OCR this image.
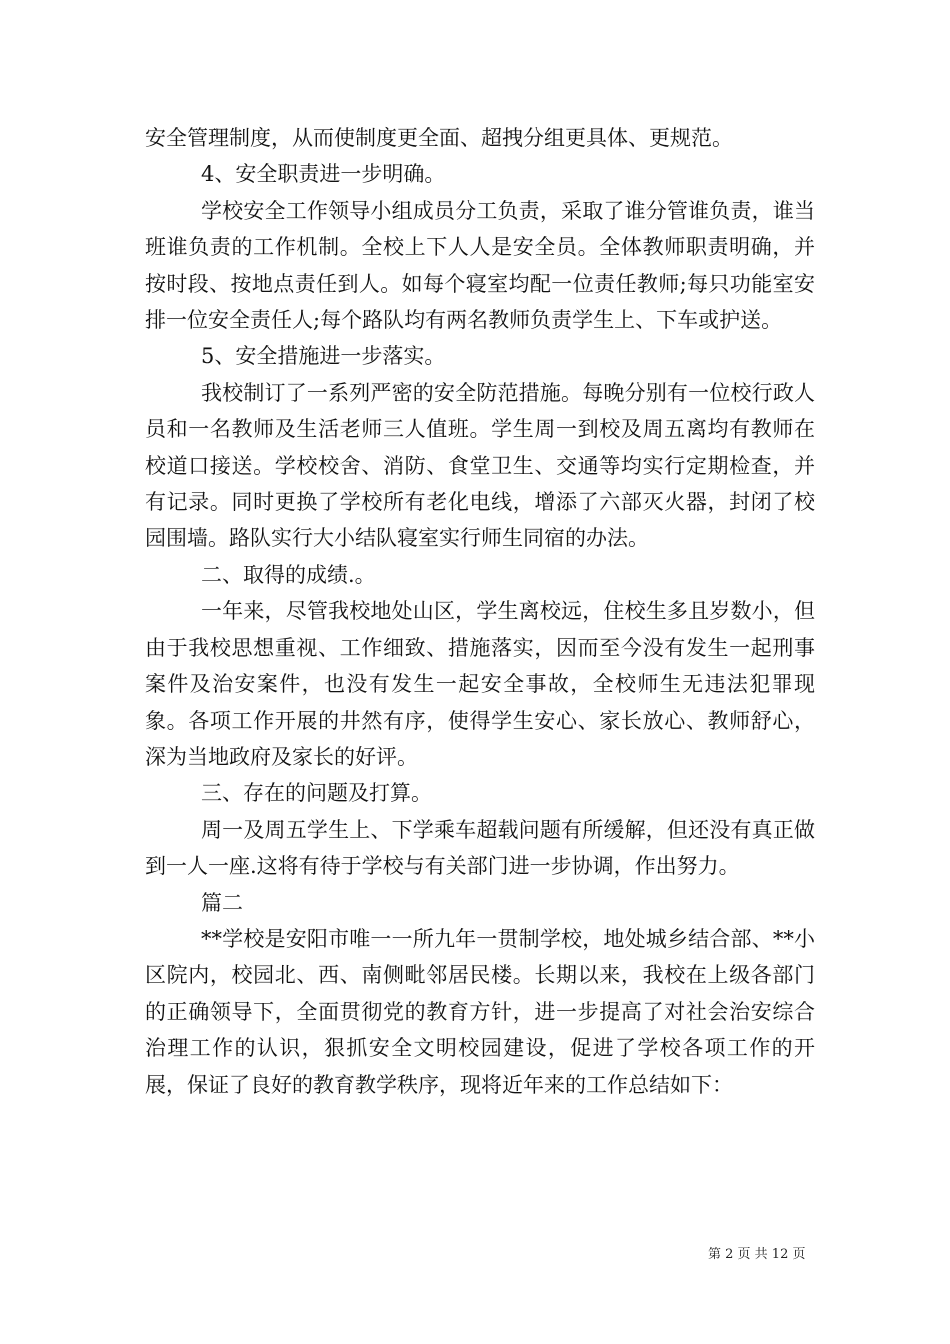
安全管理制度，从而使制度更全面、超拽分组更具体、更规范。

4、安全职责进一步明确。

学校安全工作领导小组成员分工负责，采取了谁分管谁负责，谁当班谁负责的工作机制。全校上下人人是安全员。全体教师职责明确，并按时段、按地点责任到人。如每个寝室均配一位责任教师;每只功能室安排一位安全责任人;每个路队均有两名教师负责学生上、下车或护送。

5、安全措施进一步落实。

我校制订了一系列严密的安全防范措施。每晚分别有一位校行政人员和一名教师及生活老师三人值班。学生周一到校及周五离均有教师在校道口接送。学校校舍、消防、食堂卫生、交通等均实行定期检查，并有记录。同时更换了学校所有老化电线，增添了六部灭火器，封闭了校园围墙。路队实行大小结队寝室实行师生同宿的办法。

二、取得的成绩.。

一年来，尽管我校地处山区，学生离校远，住校生多且岁数小，但由于我校思想重视、工作细致、措施落实，因而至今没有发生一起刑事案件及治安案件，也没有发生一起安全事故，全校师生无违法犯罪现象。各项工作开展的井然有序，使得学生安心、家长放心、教师舒心，深为当地政府及家长的好评。

三、存在的问题及打算。

周一及周五学生上、下学乘车超载问题有所缓解，但还没有真正做到一人一座.这将有待于学校与有关部门进一步协调，作出努力。

篇二

**学校是安阳市唯一一所九年一贯制学校，地处城乡结合部、**小区院内，校园北、西、南侧毗邻居民楼。长期以来，我校在上级各部门的正确领导下，全面贯彻党的教育方针，进一步提高了对社会治安综合治理工作的认识，狠抓安全文明校园建设，促进了学校各项工作的开展，保证了良好的教育教学秩序，现将近年来的工作总结如下：

第 2 页 共 12 页
